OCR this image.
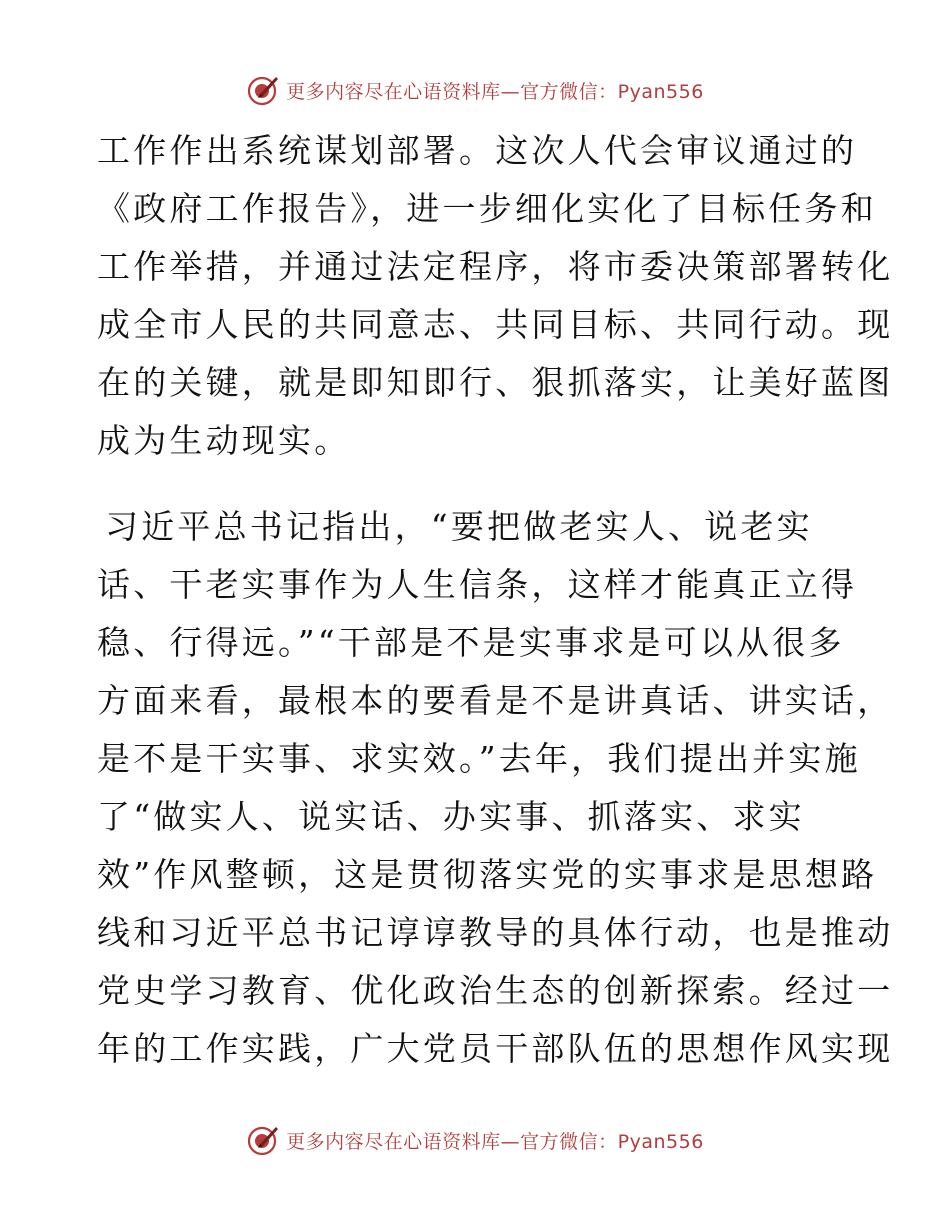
更多内容尽在心语资料库—官方微信：Pyan556
工作作出系统谋划部署。这次人代会审议通过的
《政府工作报告》，进一步细化实化了目标任务和
工作举措，并通过法定程序，将市委决策部署转化
成全市人民的共同意志、共同目标、共同行动。现
在的关键，就是即知即行、狠抓落实，让美好蓝图
成为生动现实。
习近平总书记指出，“要把做老实人、说老实
话、干老实事作为人生信条，这样才能真正立得
稳、行得远。”“干部是不是实事求是可以从很多
方面来看，最根本的要看是不是讲真话、讲实话，
是不是干实事、求实效。”去年，我们提出并实施
了“做实人、说实话、办实事、抓落实、求实
效”作风整顿，这是贯彻落实党的实事求是思想路
线和习近平总书记谆谆教导的具体行动，也是推动
党史学习教育、优化政治生态的创新探索。经过一
年的工作实践，广大党员干部队伍的思想作风实现
更多内容尽在心语资料库—官方微信：Pyan556
